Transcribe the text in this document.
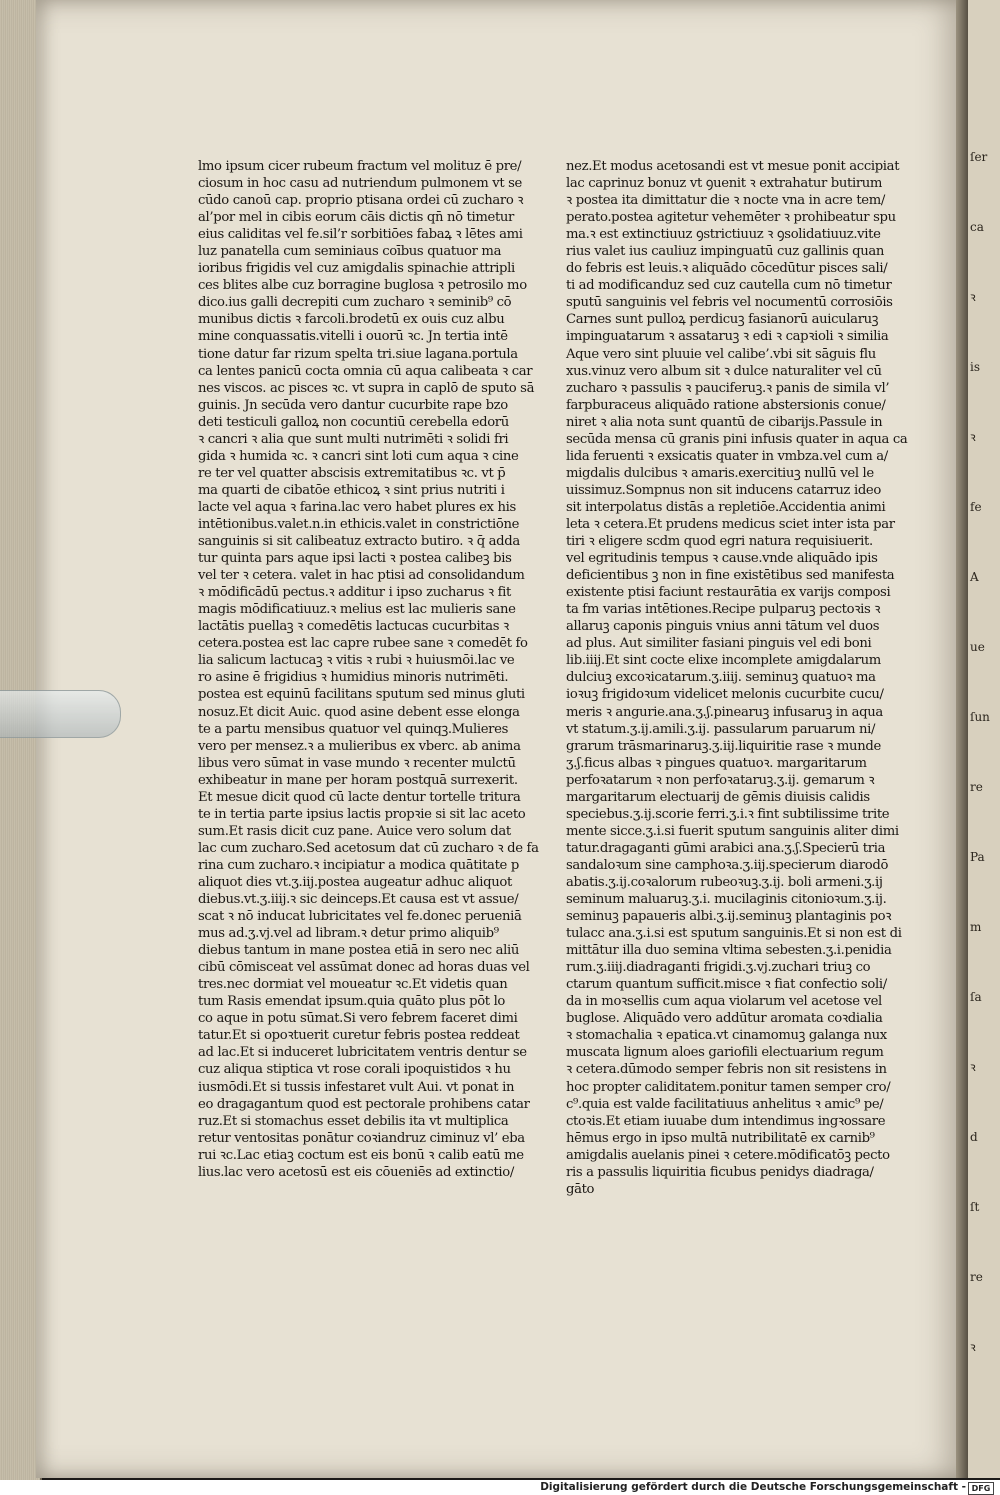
ſer
ca
ꝛ
is
ꝛ
fe
A
ue
ſun
re
Pa
m
ſa
ꝛ
d
ſt
re
ꝛ
lmo ipsum cicer rubeum fractum vel molituz ē pre/
ciosum in hoc casu ad nutriendum pulmonem vt se
cūdo canoū cap. proprio ptisana ordei cū zucharo ꝛ
al’por mel in cibis eorum cāis dictis qn̄ nō timetur
eius caliditas vel fe.sil’r sorbitiōes fabaꝝ ꝛ lētes ami
luz panatella cum seminiaus coībus quatuor ma
ioribus frigidis vel cuz amigdalis spinachie attripli
ces blites albe cuz borragine buglosa ꝛ petrosilo mo
dico.ius galli decrepiti cum zucharo ꝛ seminib⁹ cō
munibus dictis ꝛ farcoli.brodetū ex ouis cuz albu
mine conquassatis.vitelli i ouorū ꝛc. Jn tertia intē
tione datur far rizum spelta tri.siue lagana.portula
ca lentes panicū cocta omnia cū aqua calibeata ꝛ car
nes viscos. ac pisces ꝛc. vt supra in caplō de sputo sā
guinis. Jn secūda vero dantur cucurbite rape bzo
deti testiculi galloꝝ non cocuntiū cerebella edorū
ꝛ cancri ꝛ alia que sunt multi nutrimēti ꝛ solidi fri
gida ꝛ humida ꝛc. ꝛ cancri sint loti cum aqua ꝛ cine
re ter vel quatter abscisis extremitatibus ꝛc. vt p̄
ma quarti de cibatōe ethicoꝝ ꝛ sint prius nutriti i
lacte vel aqua ꝛ farina.lac vero habet plures ex his
intētionibus.valet.n.in ethicis.valet in constrictiōne
sanguinis si sit calibeatuz extracto butiro. ꝛ q̄ adda
tur quinta pars aque ipsi lacti ꝛ postea calibeꝫ bis
vel ter ꝛ cetera. valet in hac ptisi ad consolidandum
ꝛ mōdificādū pectus.ꝛ additur i ipso zucharus ꝛ fit
magis mōdificatiuuz.ꝛ melius est lac mulieris sane
lactātis puellaꝫ ꝛ comedētis lactucas cucurbitas ꝛ
cetera.postea est lac capre rubee sane ꝛ comedēt fo
lia salicum lactucaꝫ ꝛ vitis ꝛ rubi ꝛ huiusmōi.lac ve
ro asine ē frigidius ꝛ humidius minoris nutrimēti.
postea est equinū facilitans sputum sed minus gluti
nosuz.Et dicit Auic. quod asine debent esse elonga
te a partu mensibus quatuor vel quinqꝫ.Mulieres
vero per mensez.ꝛ a mulieribus ex vberc. ab anima
libus vero sūmat in vase mundo ꝛ recenter mulctū
exhibeatur in mane per horam postquā surrexerit.
Et mesue dicit quod cū lacte dentur tortelle tritura
te in tertia parte ipsius lactis propꝛie si sit lac aceto
sum.Et rasis dicit cuz pane. Auice vero solum dat
lac cum zucharo.Sed acetosum dat cū zucharo ꝛ de fa
rina cum zucharo.ꝛ incipiatur a modica quātitate p
aliquot dies vt.ʒ.iij.postea augeatur adhuc aliquot
diebus.vt.ʒ.iiij.ꝛ sic deinceps.Et causa est vt assue/
scat ꝛ nō inducat lubricitates vel fe.donec perueniā
mus ad.ʒ.vj.vel ad libram.ꝛ detur primo aliquib⁹
diebus tantum in mane postea etiā in sero nec aliū
cibū cōmisceat vel assūmat donec ad horas duas vel
tres.nec dormiat vel moueatur ꝛc.Et videtis quan
tum Rasis emendat ipsum.quia quāto plus pōt lo
co aque in potu sūmat.Si vero febrem faceret dimi
tatur.Et si opoꝛtuerit curetur febris postea reddeat
ad lac.Et si induceret lubricitatem ventris dentur se
cuz aliqua stiptica vt rose corali ipoquistidos ꝛ hu
iusmōdi.Et si tussis infestaret vult Aui. vt ponat in
eo dragagantum quod est pectorale prohibens catar
ruz.Et si stomachus esset debilis ita vt multiplica
retur ventositas ponātur coꝛiandruz ciminuz vl’ eba
rui ꝛc.Lac etiaꝫ coctum est eis bonū ꝛ calib eatū me
lius.lac vero acetosū est eis cōueniēs ad extinctio/
nez.Et modus acetosandi est vt mesue ponit accipiat
lac caprinuz bonuz vt ꝯuenit ꝛ extrahatur butirum
ꝛ postea ita dimittatur die ꝛ nocte vna in acre tem/
perato.postea agitetur vehemēter ꝛ prohibeatur spu
ma.ꝛ est extinctiuuz ꝯstrictiuuz ꝛ ꝯsolidatiuuz.vite
rius valet ius cauliuz impinguatū cuz gallinis quan
do febris est leuis.ꝛ aliquādo cōcedūtur pisces sali/
ti ad modificanduz sed cuz cautella cum nō timetur
sputū sanguinis vel febris vel nocumentū corrosiōis
Carnes sunt pulloꝝ perdicuꝫ fasianorū auicularuꝫ
impinguatarum ꝛ assataruꝫ ꝛ edi ꝛ capꝛioli ꝛ similia
Aque vero sint pluuie vel calibe’.vbi sit sāguis flu
xus.vinuz vero album sit ꝛ dulce naturaliter vel cū
zucharo ꝛ passulis ꝛ pauciferuꝫ.ꝛ panis de simila vl’
farpburaceus aliquādo ratione abstersionis conue/
niret ꝛ alia nota sunt quantū de cibarijs.Passule in
secūda mensa cū granis pini infusis quater in aqua ca
lida feruenti ꝛ exsicatis quater in vmbza.vel cum a/
migdalis dulcibus ꝛ amaris.exercitiuꝫ nullū vel le
uissimuz.Sompnus non sit inducens catarruz ideo
sit interpolatus distās a repletiōe.Accidentia animi
leta ꝛ cetera.Et prudens medicus sciet inter ista par
tiri ꝛ eligere scdm quod egri natura requisiuerit.
vel egritudinis tempus ꝛ cause.vnde aliquādo ipis
deficientibus ꝫ non in fine existētibus sed manifesta
existente ptisi faciunt restaurātia ex varijs composi
ta fm varias intētiones.Recipe pulparuꝫ pectoꝛis ꝛ
allaruꝫ caponis pinguis vnius anni tātum vel duos
ad plus. Aut similiter fasiani pinguis vel edi boni
lib.iiij.Et sint cocte elixe incomplete amigdalarum
dulciuꝫ excoꝛicatarum.ʒ.iiij. seminuꝫ quatuoꝛ ma
ioꝛuꝫ frigidoꝛum videlicet melonis cucurbite cucu/
meris ꝛ angurie.ana.ʒ.ʃ.pinearuꝫ infusaruꝫ in aqua
vt statum.ʒ.ij.amili.ʒ.ij. passularum paruarum ni/
grarum trāsmarinaruꝫ.ʒ.iij.liquiritie rase ꝛ munde
ʒ.ʃ.ficus albas ꝛ pingues quatuoꝛ. margaritarum
perfoꝛatarum ꝛ non perfoꝛataruꝫ.ʒ.ij. gemarum ꝛ
margaritarum electuarij de gēmis diuisis calidis
speciebus.ʒ.ij.scorie ferri.ʒ.i.ꝛ fint subtilissime trite
mente sicce.ʒ.i.si fuerit sputum sanguinis aliter dimi
tatur.dragaganti gūmi arabici ana.ʒ.ʃ.Specierū tria
sandaloꝛum sine camphoꝛa.ʒ.iij.specierum diarodō
abatis.ʒ.ij.coꝛalorum rubeoꝛuꝫ.ʒ.ij. boli armeni.ʒ.ij
seminum maluaruꝫ.ʒ.i. mucilaginis citonioꝛum.ʒ.ij.
seminuꝫ papaueris albi.ʒ.ij.seminuꝫ plantaginis poꝛ
tulacc ana.ʒ.i.si est sputum sanguinis.Et si non est di
mittātur illa duo semina vltima sebesten.ʒ.i.penidia
rum.ʒ.iiij.diadraganti frigidi.ʒ.vj.zuchari triuꝫ co
ctarum quantum sufficit.misce ꝛ fiat confectio soli/
da in moꝛsellis cum aqua violarum vel acetose vel
buglose. Aliquādo vero addūtur aromata coꝛdialia
ꝛ stomachalia ꝛ epatica.vt cinamomuꝫ galanga nux
muscata lignum aloes gariofili electuarium regum
ꝛ cetera.dūmodo semper febris non sit resistens in
hoc propter caliditatem.ponitur tamen semper cro/
c⁹.quia est valde facilitatiuus anhelitus ꝛ amic⁹ pe/
ctoꝛis.Et etiam iuuabe dum intendimus ingꝛossare
hēmus ergo in ipso multā nutribilitatē ex carnib⁹
amigdalis auelanis pinei ꝛ cetere.mōdificatōꝫ pecto
ris a passulis liquiritia ficubus penidys diadraga/
gāto
Digitalisierung gefördert durch die Deutsche Forschungsgemeinschaft - DFG
